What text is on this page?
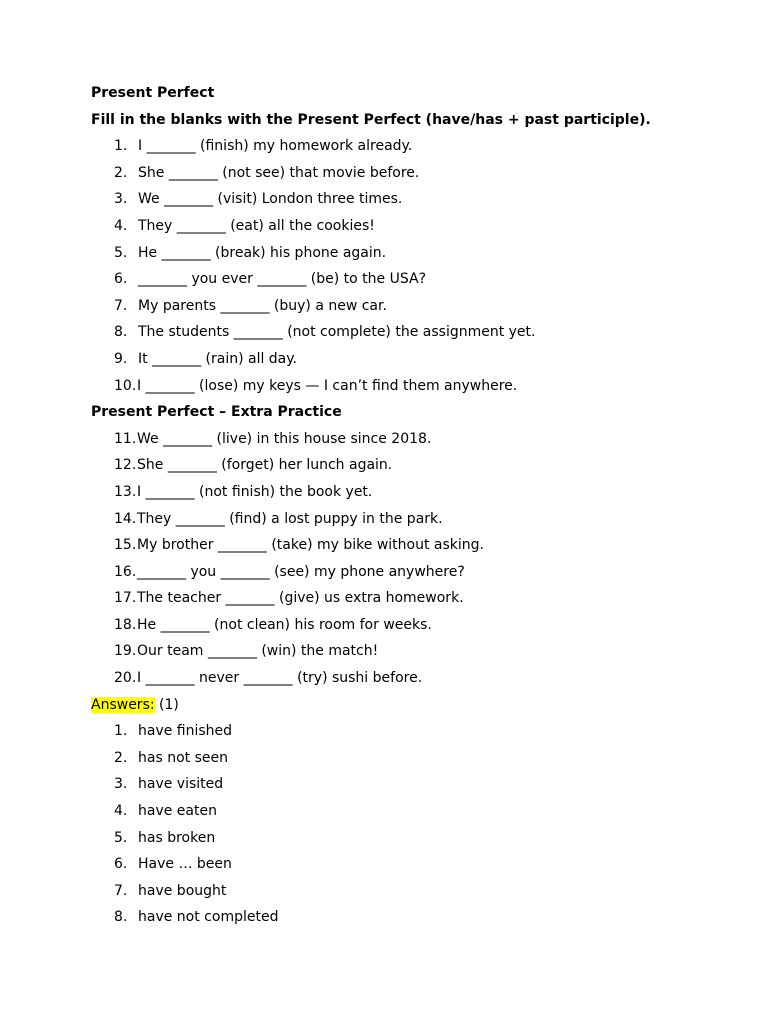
Present Perfect
Fill in the blanks with the Present Perfect (have/has + past participle).
1. I _______ (finish) my homework already.
2. She _______ (not see) that movie before.
3. We _______ (visit) London three times.
4. They _______ (eat) all the cookies!
5. He _______ (break) his phone again.
6. _______ you ever _______ (be) to the USA?
7. My parents _______ (buy) a new car.
8. The students _______ (not complete) the assignment yet.
9. It _______ (rain) all day.
10. I _______ (lose) my keys — I can’t find them anywhere.
Present Perfect – Extra Practice
11. We _______ (live) in this house since 2018.
12. She _______ (forget) her lunch again.
13. I _______ (not finish) the book yet.
14. They _______ (find) a lost puppy in the park.
15. My brother _______ (take) my bike without asking.
16. _______ you _______ (see) my phone anywhere?
17. The teacher _______ (give) us extra homework.
18. He _______ (not clean) his room for weeks.
19. Our team _______ (win) the match!
20. I _______ never _______ (try) sushi before.
Answers: (1)
1. have finished
2. has not seen
3. have visited
4. have eaten
5. has broken
6. Have … been
7. have bought
8. have not completed
